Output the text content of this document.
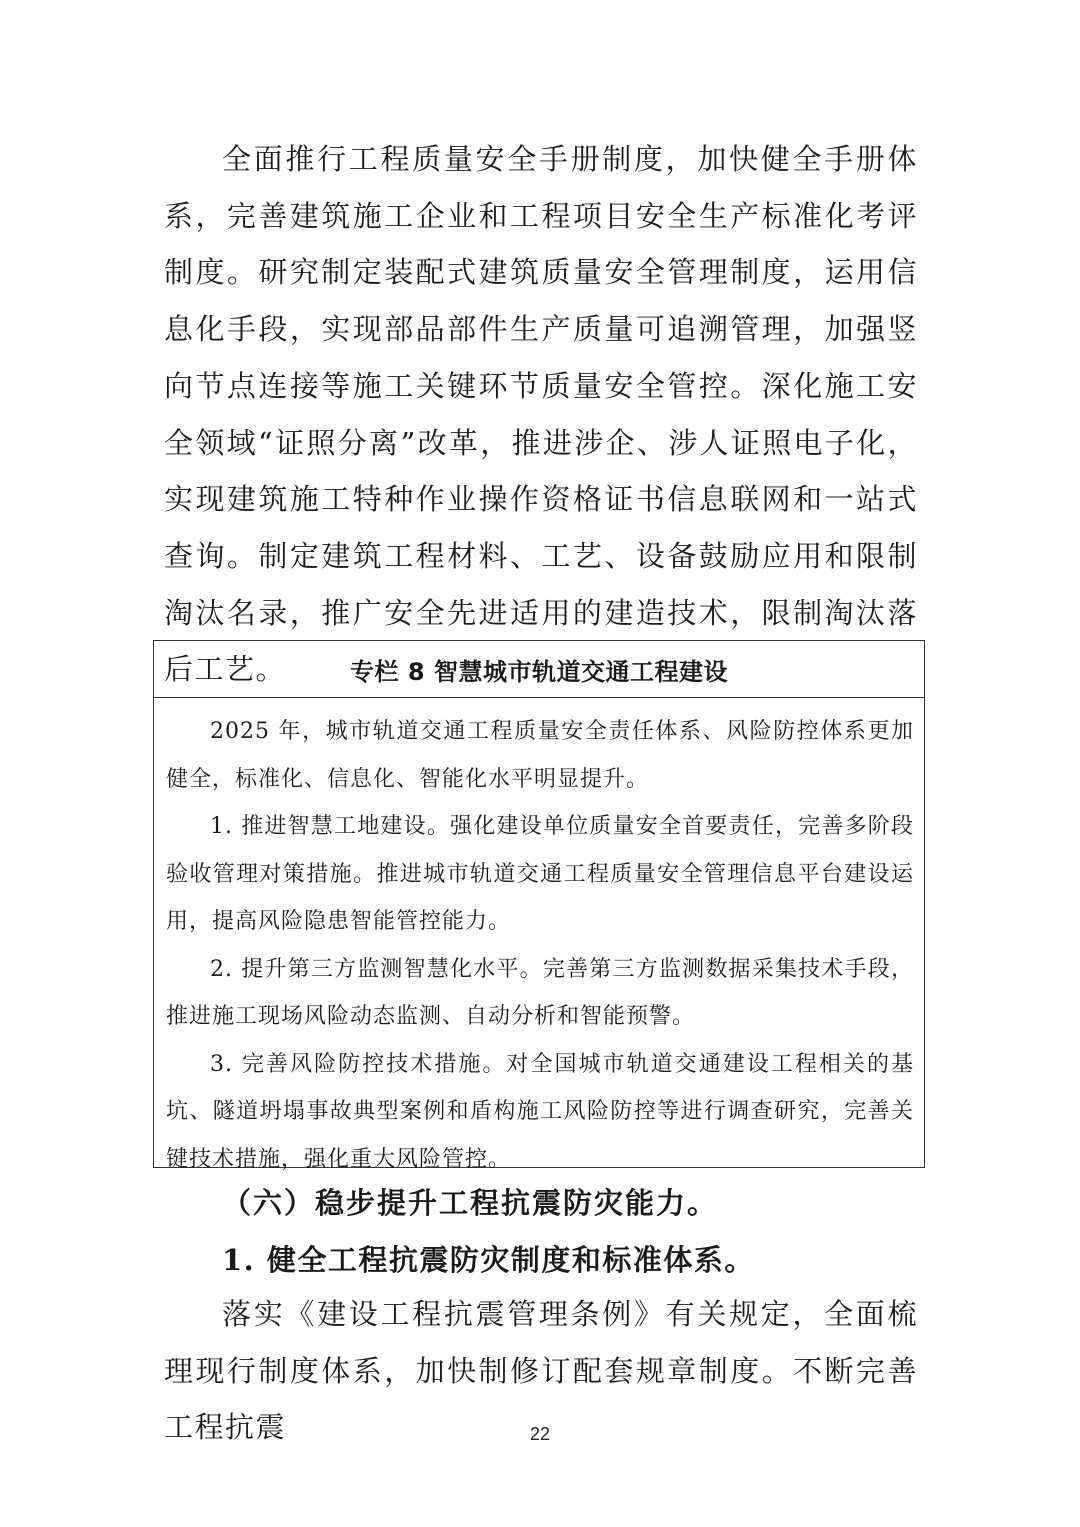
全面推行工程质量安全手册制度，加快健全手册体系，完善建筑施工企业和工程项目安全生产标准化考评制度。研究制定装配式建筑质量安全管理制度，运用信息化手段，实现部品部件生产质量可追溯管理，加强竖向节点连接等施工关键环节质量安全管控。深化施工安全领域“证照分离”改革，推进涉企、涉人证照电子化，实现建筑施工特种作业操作资格证书信息联网和一站式查询。制定建筑工程材料、工艺、设备鼓励应用和限制淘汰名录，推广安全先进适用的建造技术，限制淘汰落后工艺。	专栏 8 智慧城市轨道交通工程建设

2025 年，城市轨道交通工程质量安全责任体系、风险防控体系更加健全，标准化、信息化、智能化水平明显提升。

1. 推进智慧工地建设。强化建设单位质量安全首要责任，完善多阶段验收管理对策措施。推进城市轨道交通工程质量安全管理信息平台建设运用，提高风险隐患智能管控能力。

2. 提升第三方监测智慧化水平。完善第三方监测数据采集技术手段，推进施工现场风险动态监测、自动分析和智能预警。

3. 完善风险防控技术措施。对全国城市轨道交通建设工程相关的基坑、隧道坍塌事故典型案例和盾构施工风险防控等进行调查研究，完善关键技术措施，强化重大风险管控。

（六）稳步提升工程抗震防灾能力。

1. 健全工程抗震防灾制度和标准体系。

落实《建设工程抗震管理条例》有关规定，全面梳理现行制度体系，加快制修订配套规章制度。不断完善工程抗震	22
